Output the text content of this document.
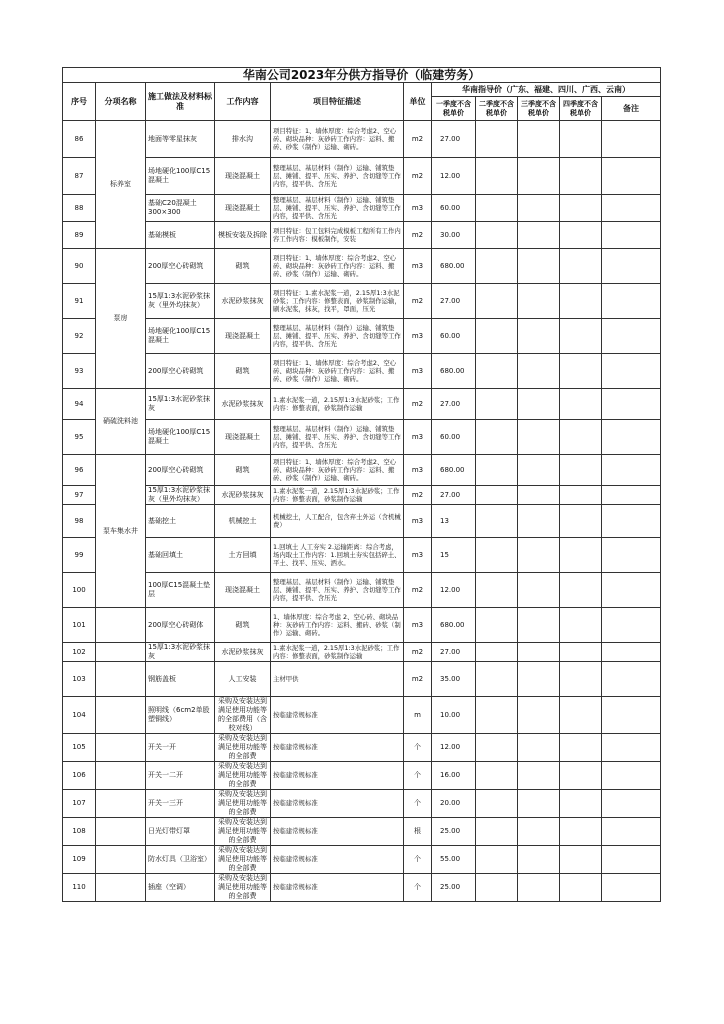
华南公司2023年分供方指导价（临建劳务）										
序号	分项名称	施工做法及材料标准	工作内容	项目特征描述	单位	华南指导价（广东、福建、四川、广西、云南）				
						一季度不含税单价	二季度不含税单价	三季度不含税单价	四季度不含税单价	备注
86	标养室	地面等零星抹灰	排水沟	项目特征：1、墙体厚度：综合考虑2、空心砖、砌块品种：灰砂砖工作内容：运料、搬砖、砂浆（制作）运输、砌砖。	m2	27.00				
87		场地硬化100厚C15混凝土	现浇混凝土	整理基层、基层材料（制作）运输、铺筑垫层、摊铺、提平、压实、养护、含切缝等工作内容，提平供、含压光	m2	12.00				
88		基础C20混凝土300×300	现浇混凝土	整理基层、基层材料（制作）运输、铺筑垫层、摊铺、提平、压实、养护、含切缝等工作内容，提平供、含压光	m3	60.00				
89		基础模板	模板安装及拆除	项目特征：包工包料完成模板工程所有工作内容工作内容：模板制作，安装	m2	30.00				
90	泵房	200厚空心砖砌筑	砌筑	项目特征：1、墙体厚度：综合考虑2、空心砖、砌块品种：灰砂砖工作内容：运料、搬砖、砂浆（制作）运输、砌砖。	m3	680.00				
91		15厚1:3水泥砂浆抹灰（里外均抹灰）	水泥砂浆抹灰	项目特征：1.素水泥浆一道，2.15厚1:3水泥砂浆；工作内容：修整表面，砂浆制作运输，刷水泥浆，抹灰，找平，罩面，压光	m2	27.00				
92		场地硬化100厚C15混凝土	现浇混凝土	整理基层、基层材料（制作）运输、铺筑垫层、摊铺、提平、压实、养护、含切缝等工作内容，提平供、含压光	m3	60.00				
93		200厚空心砖砌筑	砌筑	项目特征：1、墙体厚度：综合考虑2、空心砖、砌块品种：灰砂砖工作内容：运料、搬砖、砂浆（制作）运输、砌砖。	m3	680.00				
94	硝硫洗料池	15厚1:3水泥砂浆抹灰	水泥砂浆抹灰	1.素水泥浆一道，2.15厚1:3水泥砂浆；工作内容：修整表面，砂浆制作运输	m2	27.00				
95		场地硬化100厚C15混凝土	现浇混凝土	整理基层、基层材料（制作）运输、铺筑垫层、摊铺、提平、压实、养护、含切缝等工作内容，提平供、含压光	m3	60.00				
96	泵车集水井	200厚空心砖砌筑	砌筑	项目特征：1、墙体厚度：综合考虑2、空心砖、砌块品种：灰砂砖工作内容：运料、搬砖、砂浆（制作）运输、砌砖。	m3	680.00				
97		15厚1:3水泥砂浆抹灰（里外均抹灰）	水泥砂浆抹灰	1.素水泥浆一道，2.15厚1:3水泥砂浆；工作内容：修整表面，砂浆制作运输	m2	27.00				
98		基础挖土	机械挖土	机械挖土，人工配合，包含弃土外运（含机械费）	m3	13				
99		基础回填土	土方回填	1.回填土 人工夯实 2.运输距离：综合考虑，场内取土工作内容：1.回填土夯实包括碎土、平土、找平、压实、洒水。	m3	15				
100		100厚C15混凝土垫层	现浇混凝土	整理基层、基层材料（制作）运输、铺筑垫层、摊铺、提平、压实、养护、含切缝等工作内容，提平供、含压光	m2	12.00				
101		200厚空心砖砌体	砌筑	1、墙体厚度：综合考虑 2、空心砖、砌块品种：灰砂砖工作内容：运料、搬砖、砂浆（制作）运输、砌砖。	m3	680.00				
102		15厚1:3水泥砂浆抹灰	水泥砂浆抹灰	1.素水泥浆一道，2.15厚1:3水泥砂浆；工作内容：修整表面，砂浆制作运输	m2	27.00				
103		钢筋盖板	人工安装	主材甲供	m2	35.00				
104		照明线（6cm2单股塑铜线）	采购及安装达到满足使用功能等的全部费用（含校对线）	按临建常规标准	m	10.00				
105		开关一开	采购及安装达到满足使用功能等的全部费	按临建常规标准	个	12.00				
106		开关一二开	采购及安装达到满足使用功能等的全部费	按临建常规标准	个	16.00				
107		开关一三开	采购及安装达到满足使用功能等的全部费	按临建常规标准	个	20.00				
108		日光灯带灯罩	采购及安装达到满足使用功能等的全部费	按临建常规标准	根	25.00				
109		防水灯具（卫浴室）	采购及安装达到满足使用功能等的全部费	按临建常规标准	个	55.00				
110		插座（空调）	采购及安装达到满足使用功能等的全部费	按临建常规标准	个	25.00				
